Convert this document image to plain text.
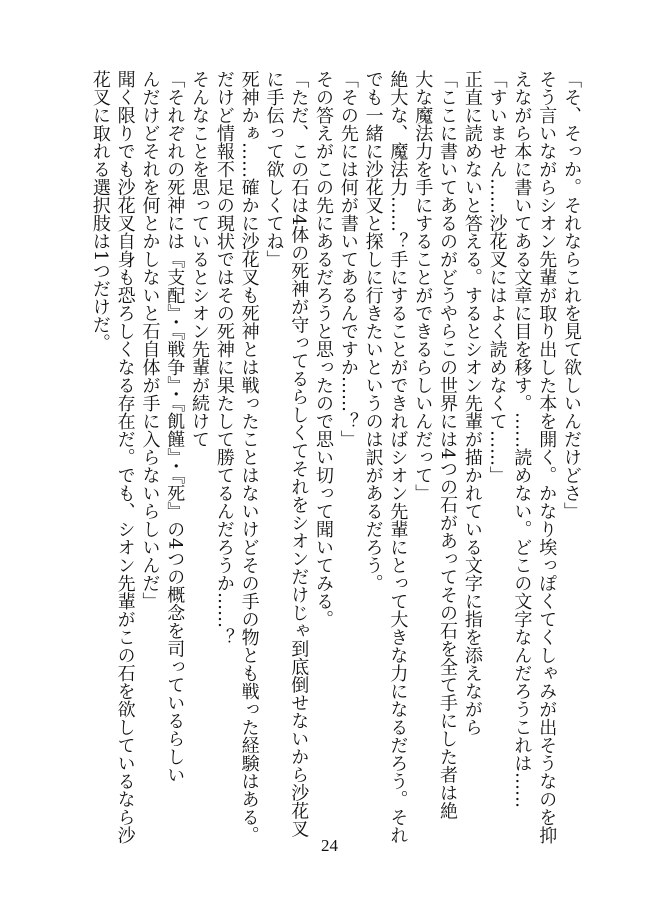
「そ、そっか。それならこれを見て欲しいんだけどさ」
そう言いながらシオン先輩が取り出した本を開く。かなり埃っぽくてくしゃみが出そうなのを抑
えながら本に書いてある文章に目を移す。……読めない。どこの文字なんだろうこれは……
「すいません……沙花叉にはよく読めなくて……」
正直に読めないと答える。するとシオン先輩が描かれている文字に指を添えながら
「ここに書いてあるのがどうやらこの世界には4つの石があってその石を全て手にした者は絶
大な魔法力を手にすることができるらしいんだって」
絶大な、魔法力……？手にすることができればシオン先輩にとって大きな力になるだろう。それ
でも一緒に沙花叉と探しに行きたいというのは訳があるだろう。
「その先には何が書いてあるんですか……？」
その答えがこの先にあるだろうと思ったので思い切って聞いてみる。
「ただ、この石は4体の死神が守ってるらしくてそれをシオンだけじゃ到底倒せないから沙花叉
に手伝って欲しくてね」
死神かぁ……確かに沙花叉も死神とは戦ったことはないけどその手の物とも戦った経験はある。
だけど情報不足の現状ではその死神に果たして勝てるんだろうか……？
そんなことを思っているとシオン先輩が続けて
「それぞれの死神には『支配』・『戦争』・『飢饉』・『死』の4つの概念を司っているらしい
んだけどそれを何とかしないと石自体が手に入らないらしいんだ」
聞く限りでも沙花叉自身も恐ろしくなる存在だ。でも、シオン先輩がこの石を欲しているなら沙
花叉に取れる選択肢は1つだけだ。
24
